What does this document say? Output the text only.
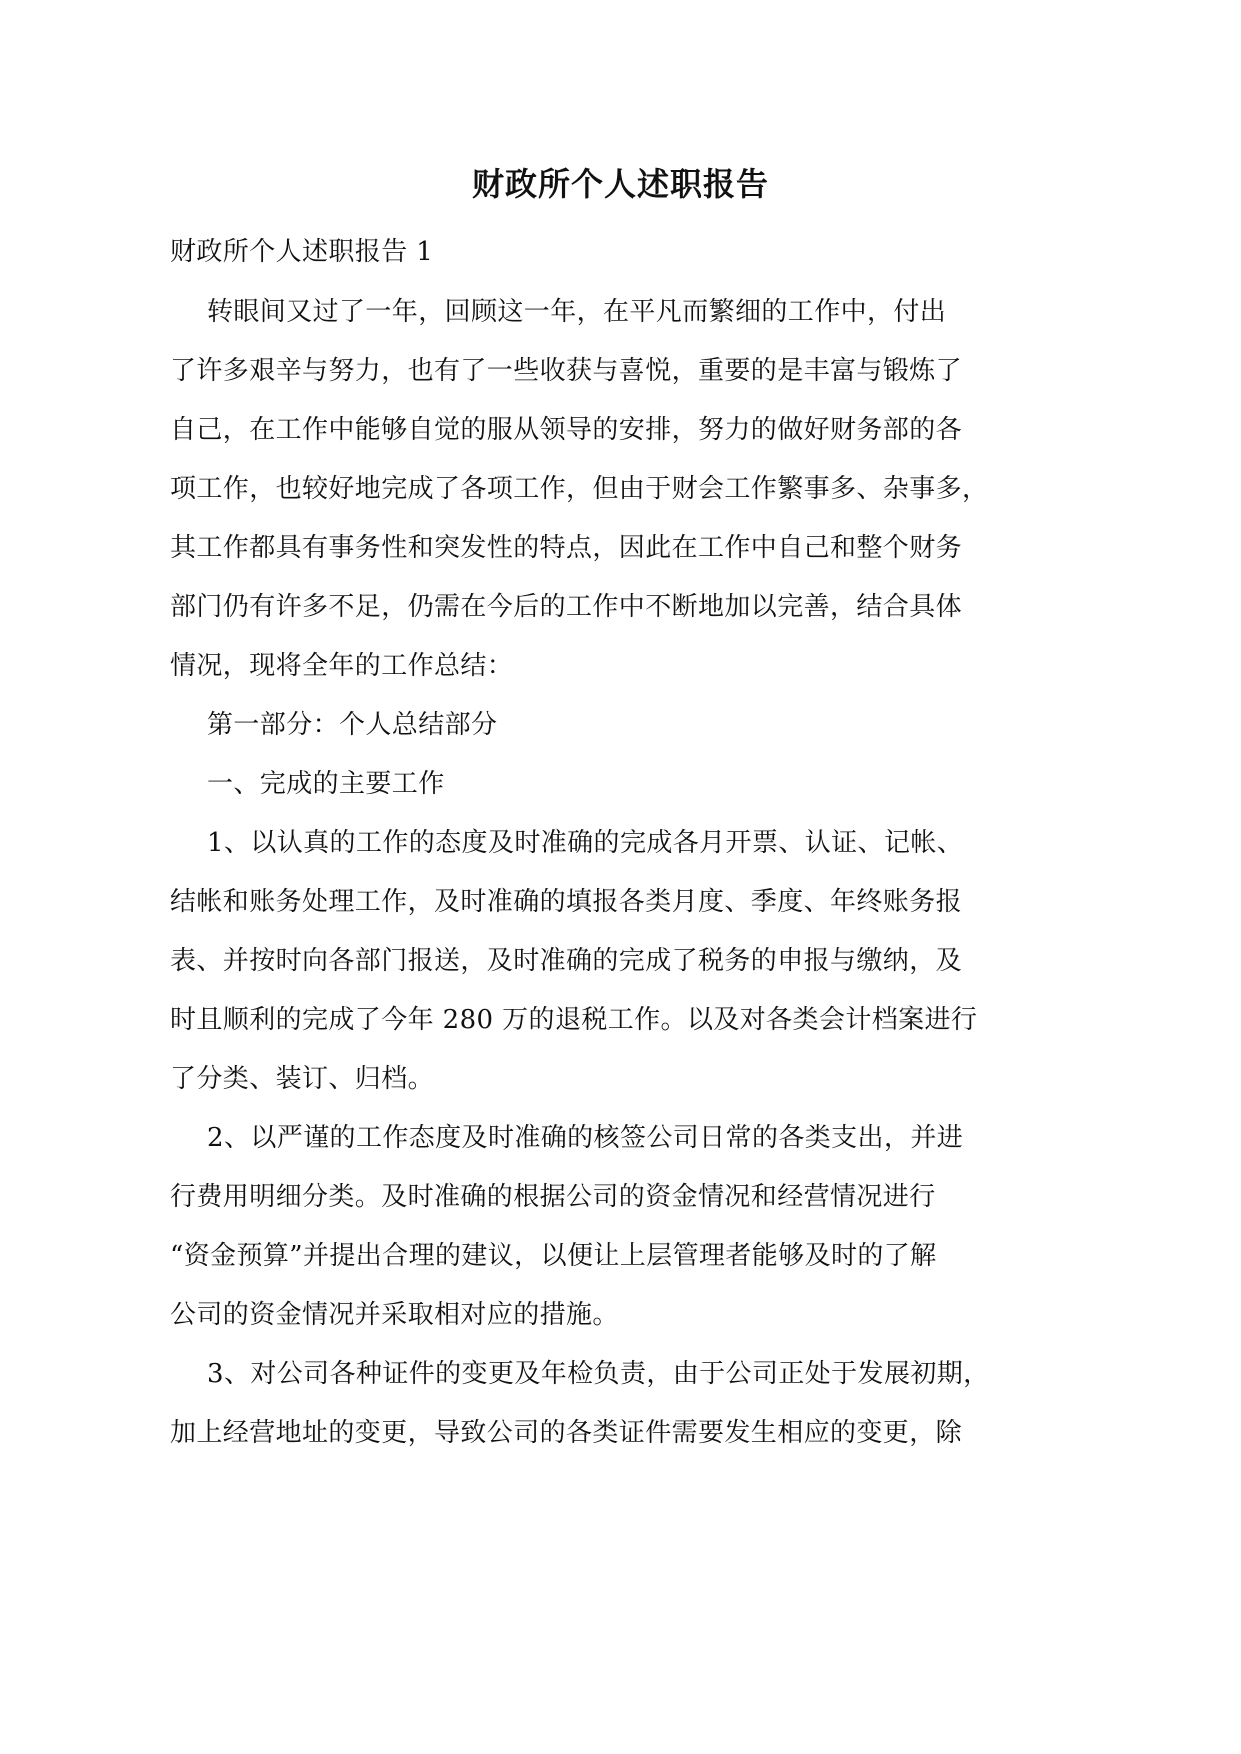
财政所个人述职报告
财政所个人述职报告 1
转眼间又过了一年，回顾这一年，在平凡而繁细的工作中，付出
了许多艰辛与努力，也有了一些收获与喜悦，重要的是丰富与锻炼了
自己，在工作中能够自觉的服从领导的安排，努力的做好财务部的各
项工作，也较好地完成了各项工作，但由于财会工作繁事多、杂事多，
其工作都具有事务性和突发性的特点，因此在工作中自己和整个财务
部门仍有许多不足，仍需在今后的工作中不断地加以完善，结合具体
情况，现将全年的工作总结：
第一部分：个人总结部分
一、完成的主要工作
1、以认真的工作的态度及时准确的完成各月开票、认证、记帐、
结帐和账务处理工作，及时准确的填报各类月度、季度、年终账务报
表、并按时向各部门报送，及时准确的完成了税务的申报与缴纳，及
时且顺利的完成了今年 280 万的退税工作。以及对各类会计档案进行
了分类、装订、归档。
2、以严谨的工作态度及时准确的核签公司日常的各类支出，并进
行费用明细分类。及时准确的根据公司的资金情况和经营情况进行
“资金预算”并提出合理的建议，以便让上层管理者能够及时的了解
公司的资金情况并采取相对应的措施。
3、对公司各种证件的变更及年检负责，由于公司正处于发展初期，
加上经营地址的变更，导致公司的各类证件需要发生相应的变更，除
